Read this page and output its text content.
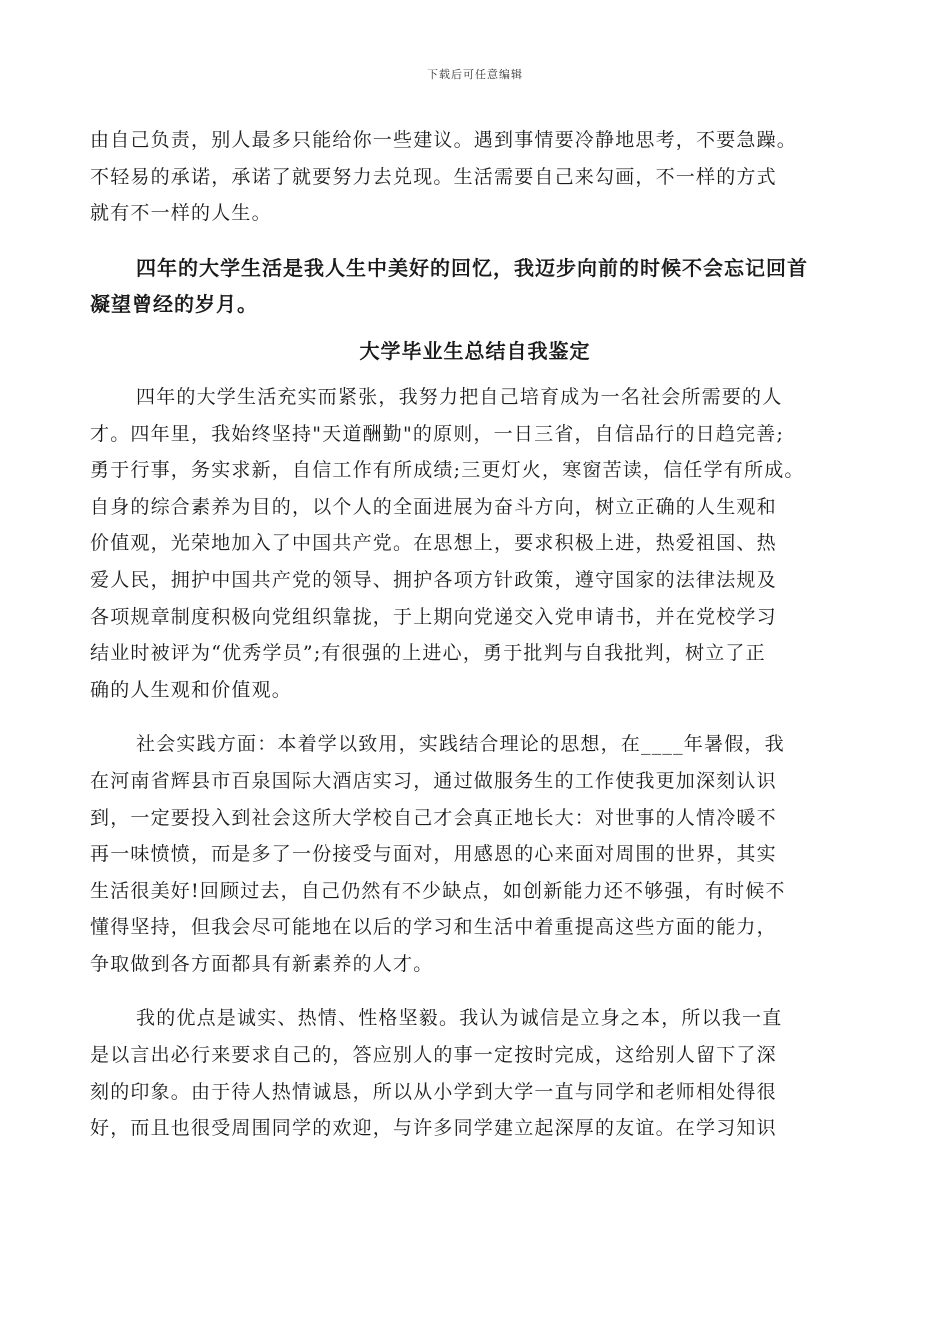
下载后可任意编辑

由自己负责，别人最多只能给你一些建议。遇到事情要冷静地思考，不要急躁。
不轻易的承诺，承诺了就要努力去兑现。生活需要自己来勾画，不一样的方式
就有不一样的人生。

四年的大学生活是我人生中美好的回忆，我迈步向前的时候不会忘记回首
凝望曾经的岁月。

大学毕业生总结自我鉴定

四年的大学生活充实而紧张，我努力把自己培育成为一名社会所需要的人
才。四年里，我始终坚持"天道酬勤"的原则，一日三省，自信品行的日趋完善;
勇于行事，务实求新，自信工作有所成绩;三更灯火，寒窗苦读，信任学有所成。
自身的综合素养为目的，以个人的全面进展为奋斗方向，树立正确的人生观和
价值观，光荣地加入了中国共产党。在思想上，要求积极上进，热爱祖国、热
爱人民，拥护中国共产党的领导、拥护各项方针政策，遵守国家的法律法规及
各项规章制度积极向党组织靠拢，于上期向党递交入党申请书，并在党校学习
结业时被评为“优秀学员”;有很强的上进心，勇于批判与自我批判，树立了正
确的人生观和价值观。

社会实践方面：本着学以致用，实践结合理论的思想，在____年暑假，我
在河南省辉县市百泉国际大酒店实习，通过做服务生的工作使我更加深刻认识
到，一定要投入到社会这所大学校自己才会真正地长大：对世事的人情冷暖不
再一味愤愤，而是多了一份接受与面对，用感恩的心来面对周围的世界，其实
生活很美好!回顾过去，自己仍然有不少缺点，如创新能力还不够强，有时候不
懂得坚持，但我会尽可能地在以后的学习和生活中着重提高这些方面的能力，
争取做到各方面都具有新素养的人才。

我的优点是诚实、热情、性格坚毅。我认为诚信是立身之本，所以我一直
是以言出必行来要求自己的，答应别人的事一定按时完成，这给别人留下了深
刻的印象。由于待人热情诚恳，所以从小学到大学一直与同学和老师相处得很
好，而且也很受周围同学的欢迎，与许多同学建立起深厚的友谊。在学习知识
